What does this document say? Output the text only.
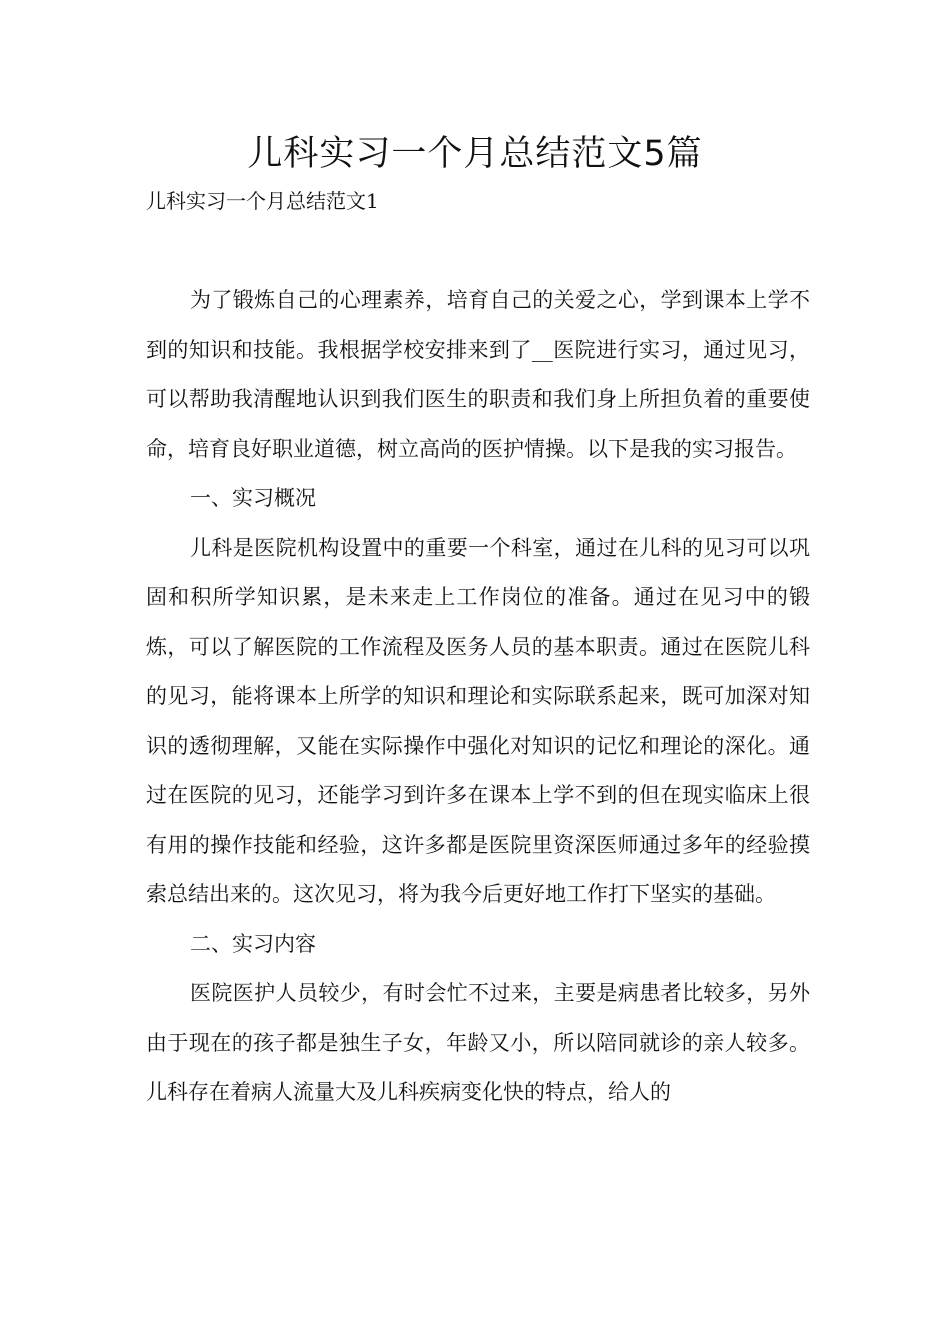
儿科实习一个月总结范文5篇

儿科实习一个月总结范文1

为了锻炼自己的心理素养，培育自己的关爱之心，学到课本上学不到的知识和技能。我根据学校安排来到了__医院进行实习，通过见习，可以帮助我清醒地认识到我们医生的职责和我们身上所担负着的重要使命，培育良好职业道德，树立高尚的医护情操。以下是我的实习报告。

一、实习概况

儿科是医院机构设置中的重要一个科室，通过在儿科的见习可以巩固和积所学知识累，是未来走上工作岗位的准备。通过在见习中的锻炼，可以了解医院的工作流程及医务人员的基本职责。通过在医院儿科的见习，能将课本上所学的知识和理论和实际联系起来，既可加深对知识的透彻理解，又能在实际操作中强化对知识的记忆和理论的深化。通过在医院的见习，还能学习到许多在课本上学不到的但在现实临床上很有用的操作技能和经验，这许多都是医院里资深医师通过多年的经验摸索总结出来的。这次见习，将为我今后更好地工作打下坚实的基础。

二、实习内容

医院医护人员较少，有时会忙不过来，主要是病患者比较多，另外由于现在的孩子都是独生子女，年龄又小，所以陪同就诊的亲人较多。儿科存在着病人流量大及儿科疾病变化快的特点，给人的
